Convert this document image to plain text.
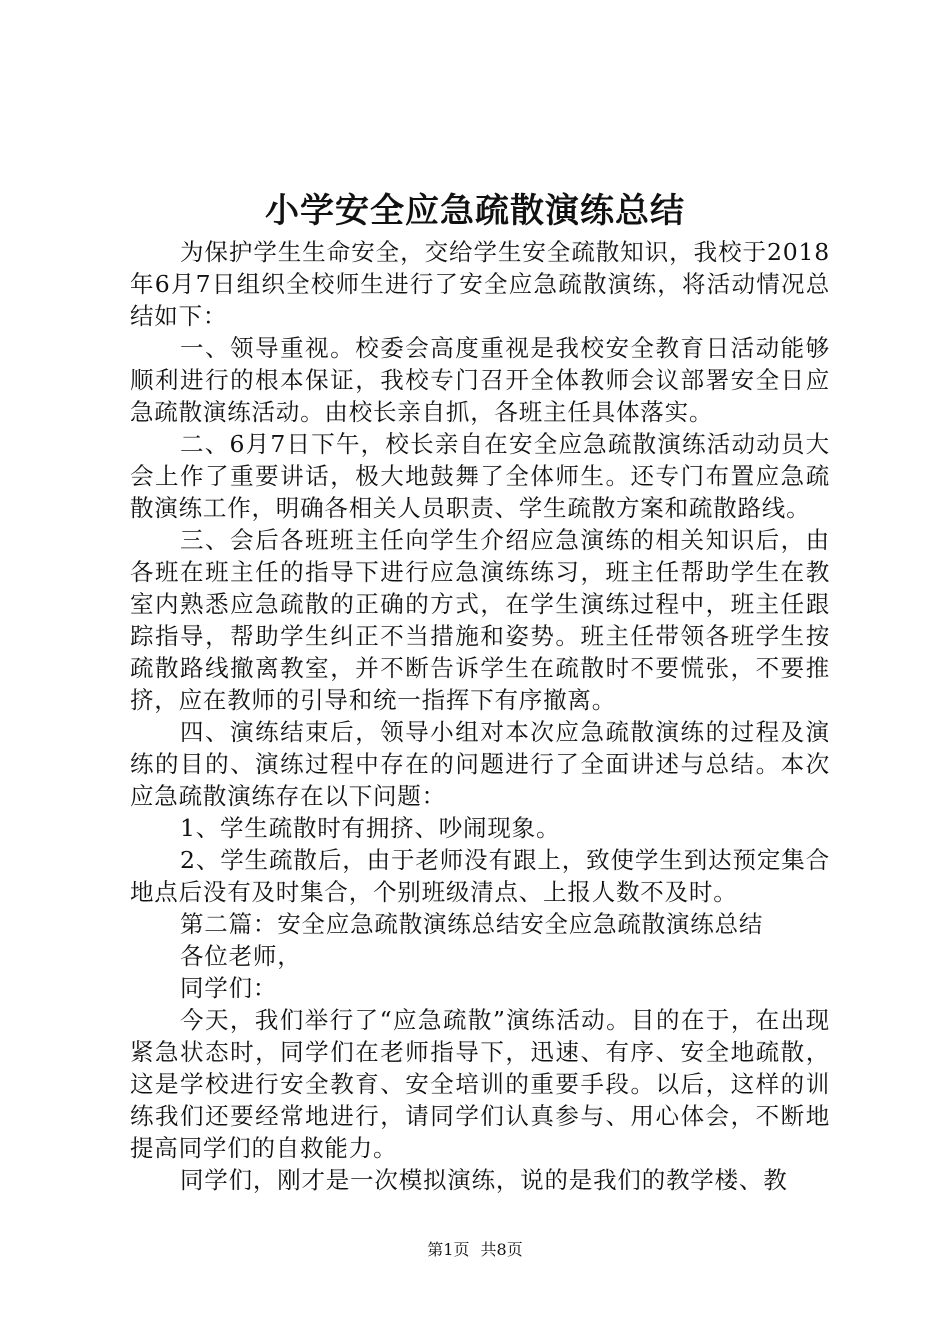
小学安全应急疏散演练总结

为保护学生生命安全，交给学生安全疏散知识，我校于2018年6月7日组织全校师生进行了安全应急疏散演练，将活动情况总结如下：

一、领导重视。校委会高度重视是我校安全教育日活动能够顺利进行的根本保证，我校专门召开全体教师会议部署安全日应急疏散演练活动。由校长亲自抓，各班主任具体落实。

二、6月7日下午，校长亲自在安全应急疏散演练活动动员大会上作了重要讲话，极大地鼓舞了全体师生。还专门布置应急疏散演练工作，明确各相关人员职责、学生疏散方案和疏散路线。

三、会后各班班主任向学生介绍应急演练的相关知识后，由各班在班主任的指导下进行应急演练练习，班主任帮助学生在教室内熟悉应急疏散的正确的方式，在学生演练过程中，班主任跟踪指导，帮助学生纠正不当措施和姿势。班主任带领各班学生按疏散路线撤离教室，并不断告诉学生在疏散时不要慌张，不要推挤，应在教师的引导和统一指挥下有序撤离。

四、演练结束后，领导小组对本次应急疏散演练的过程及演练的目的、演练过程中存在的问题进行了全面讲述与总结。本次应急疏散演练存在以下问题：

1、学生疏散时有拥挤、吵闹现象。

2、学生疏散后，由于老师没有跟上，致使学生到达预定集合地点后没有及时集合，个别班级清点、上报人数不及时。

第二篇：安全应急疏散演练总结安全应急疏散演练总结

各位老师，

同学们：

今天，我们举行了“应急疏散”演练活动。目的在于，在出现紧急状态时，同学们在老师指导下，迅速、有序、安全地疏散，这是学校进行安全教育、安全培训的重要手段。以后，这样的训练我们还要经常地进行，请同学们认真参与、用心体会，不断地提高同学们的自救能力。

同学们，刚才是一次模拟演练，说的是我们的教学楼、教

第1页 共8页
